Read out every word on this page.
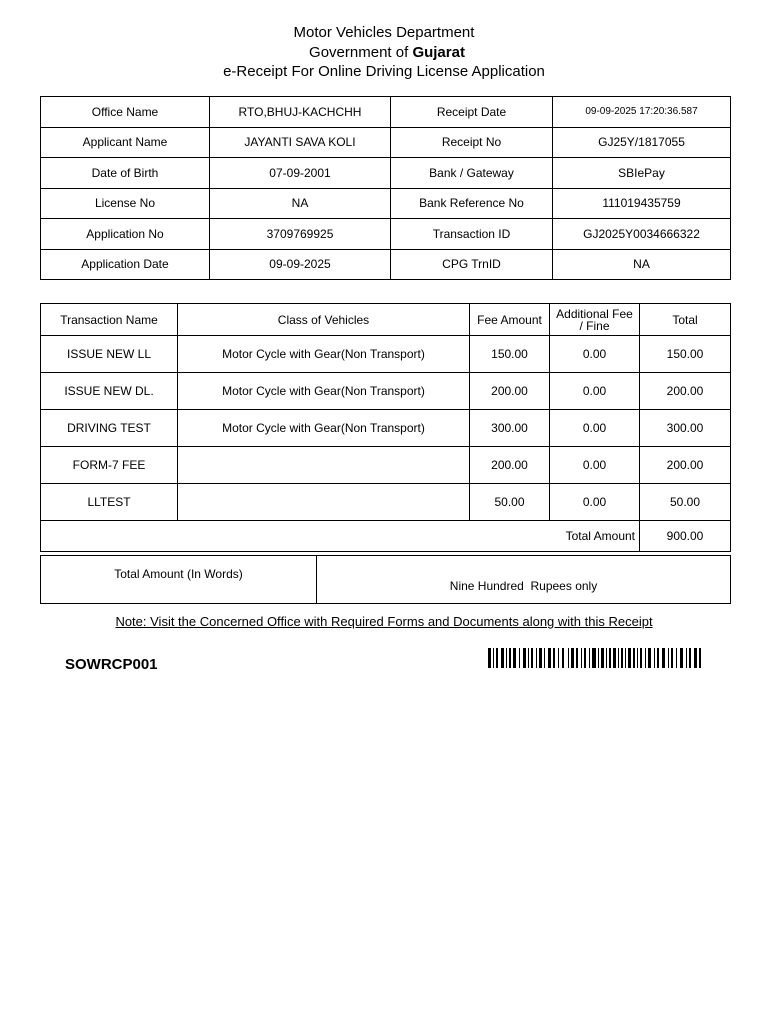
Motor Vehicles Department
Government of Gujarat
e-Receipt For Online Driving License Application
Office Name	RTO,BHUJ-KACHCHH	Receipt Date	09-09-2025 17:20:36.587
Applicant Name	JAYANTI SAVA KOLI	Receipt No	GJ25Y/1817055
Date of Birth	07-09-2001	Bank / Gateway	SBIePay
License No	NA	Bank Reference No	111019435759
Application No	3709769925	Transaction ID	GJ2025Y0034666322
Application Date	09-09-2025	CPG TrnID	NA
Transaction Name	Class of Vehicles	Fee Amount	Additional Fee / Fine	Total
ISSUE NEW LL	Motor Cycle with Gear(Non Transport)	150.00	0.00	150.00
ISSUE NEW DL.	Motor Cycle with Gear(Non Transport)	200.00	0.00	200.00
DRIVING TEST	Motor Cycle with Gear(Non Transport)	300.00	0.00	300.00
FORM-7 FEE		200.00	0.00	200.00
LLTEST		50.00	0.00	50.00
Total Amount				900.00
Total Amount (In Words)	Nine Hundred  Rupees only
Note: Visit the Concerned Office with Required Forms and Documents along with this Receipt
SOWRCP001
